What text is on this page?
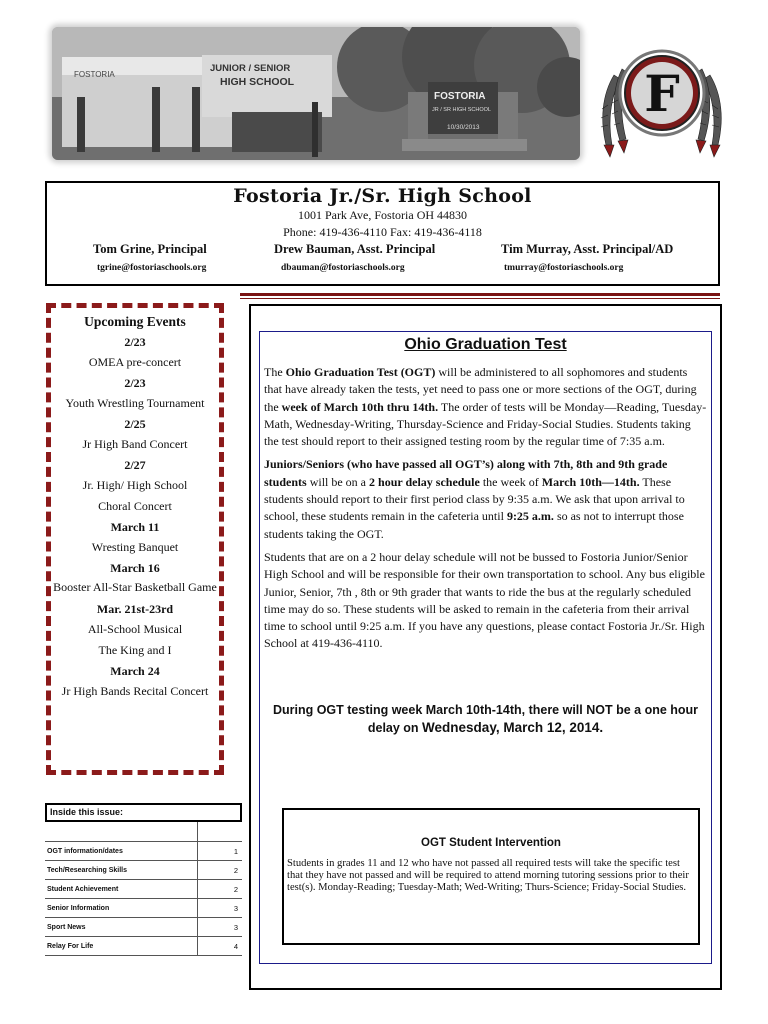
FOSTORIA
JUNIOR / SENIOR
HIGH SCHOOL
FOSTORIA
JR / SR HIGH SCHOOL
10/30/2013
F
Fostoria Jr./Sr. High School
1001 Park Ave, Fostoria OH 44830
Phone: 419-436-4110 Fax: 419-436-4118
Tom Grine, Principal	Drew Bauman, Asst. Principal	Tim Murray, Asst. Principal/AD
tgrine@fostoriaschools.org	dbauman@fostoriaschools.org	tmurray@fostoriaschools.org
Upcoming Events
2/23
OMEA pre-concert
2/23
Youth Wrestling Tournament
2/25
Jr High Band Concert
2/27
Jr. High/ High School
Choral Concert
March 11
Wresting Banquet
March 16
Booster All-Star Basketball Game
Mar. 21st-23rd
All-School Musical
The King and I
March 24
Jr High Bands Recital Concert
Inside this issue:

OGT information/dates	1
Tech/Researching Skills	2
Student Achievement	2
Senior Information	3
Sport News	3
Relay For Life	4
Ohio Graduation Test

The Ohio Graduation Test (OGT) will be administered to all sophomores and students that have already taken the tests, yet need to pass one or more sections of the OGT, during the week of March 10th thru 14th. The order of tests will be Monday—Reading, Tuesday-Math, Wednesday-Writing, Thursday-Science and Friday-Social Studies. Students taking the test should report to their assigned testing room by the regular time of 7:35 a.m.

Juniors/Seniors (who have passed all OGT’s) along with 7th, 8th and 9th grade students will be on a 2 hour delay schedule the week of March 10th—14th. These students should report to their first period class by 9:35 a.m. We ask that upon arrival to school, these students remain in the cafeteria until 9:25 a.m. so as not to interrupt those students taking the OGT.

Students that are on a 2 hour delay schedule will not be bussed to Fostoria Junior/Senior High School and will be responsible for their own transportation to school. Any bus eligible Junior, Senior, 7th , 8th or 9th grader that wants to ride the bus at the regularly scheduled time may do so. These students will be asked to remain in the cafeteria from their arrival time to school until 9:25 a.m. If you have any questions, please contact Fostoria Jr./Sr. High School at 419-436-4110.

During OGT testing week March 10th-14th, there will NOT be a one hour delay on Wednesday, March 12, 2014.
OGT Student Intervention
Students in grades 11 and 12 who have not passed all required tests will take the specific test that they have not passed and will be required to attend morning tutoring sessions prior to their test(s). Monday-Reading; Tuesday-Math; Wed-Writing; Thurs-Science; Friday-Social Studies.
